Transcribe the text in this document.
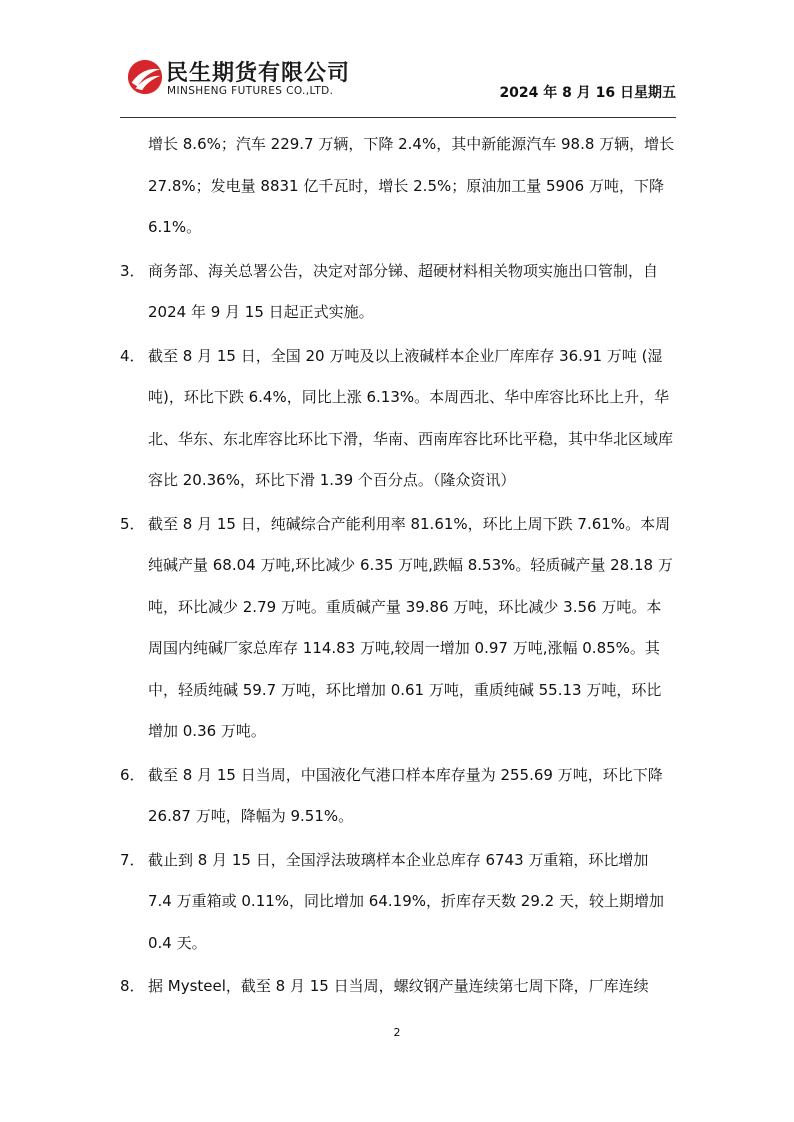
民生期货有限公司
MINSHENG FUTURES CO.,LTD.	2024 年 8 月 16 日星期五

增长 8.6%；汽车 229.7 万辆，下降 2.4%，其中新能源汽车 98.8 万辆，增长 27.8%；发电量 8831 亿千瓦时，增长 2.5%；原油加工量 5906 万吨，下降 6.1%。

3． 商务部、海关总署公告，决定对部分锑、超硬材料相关物项实施出口管制，自 2024 年 9 月 15 日起正式实施。

4． 截至 8 月 15 日，全国 20 万吨及以上液碱样本企业厂库库存 36.91 万吨 (湿吨)，环比下跌 6.4%，同比上涨 6.13%。本周西北、华中库容比环比上升，华北、华东、东北库容比环比下滑，华南、西南库容比环比平稳，其中华北区域库容比 20.36%，环比下滑 1.39 个百分点。（隆众资讯）

5． 截至 8 月 15 日，纯碱综合产能利用率 81.61%，环比上周下跌 7.61%。本周纯碱产量 68.04 万吨,环比减少 6.35 万吨,跌幅 8.53%。轻质碱产量 28.18 万吨，环比减少 2.79 万吨。重质碱产量 39.86 万吨，环比减少 3.56 万吨。本周国内纯碱厂家总库存 114.83 万吨,较周一增加 0.97 万吨,涨幅 0.85%。其中，轻质纯碱 59.7 万吨，环比增加 0.61 万吨，重质纯碱 55.13 万吨，环比增加 0.36 万吨。

6． 截至 8 月 15 日当周，中国液化气港口样本库存量为 255.69 万吨，环比下降 26.87 万吨，降幅为 9.51%。

7． 截止到 8 月 15 日，全国浮法玻璃样本企业总库存 6743 万重箱，环比增加 7.4 万重箱或 0.11%，同比增加 64.19%，折库存天数 29.2 天，较上期增加 0.4 天。

8． 据 Mysteel，截至 8 月 15 日当周，螺纹钢产量连续第七周下降，厂库连续

2
